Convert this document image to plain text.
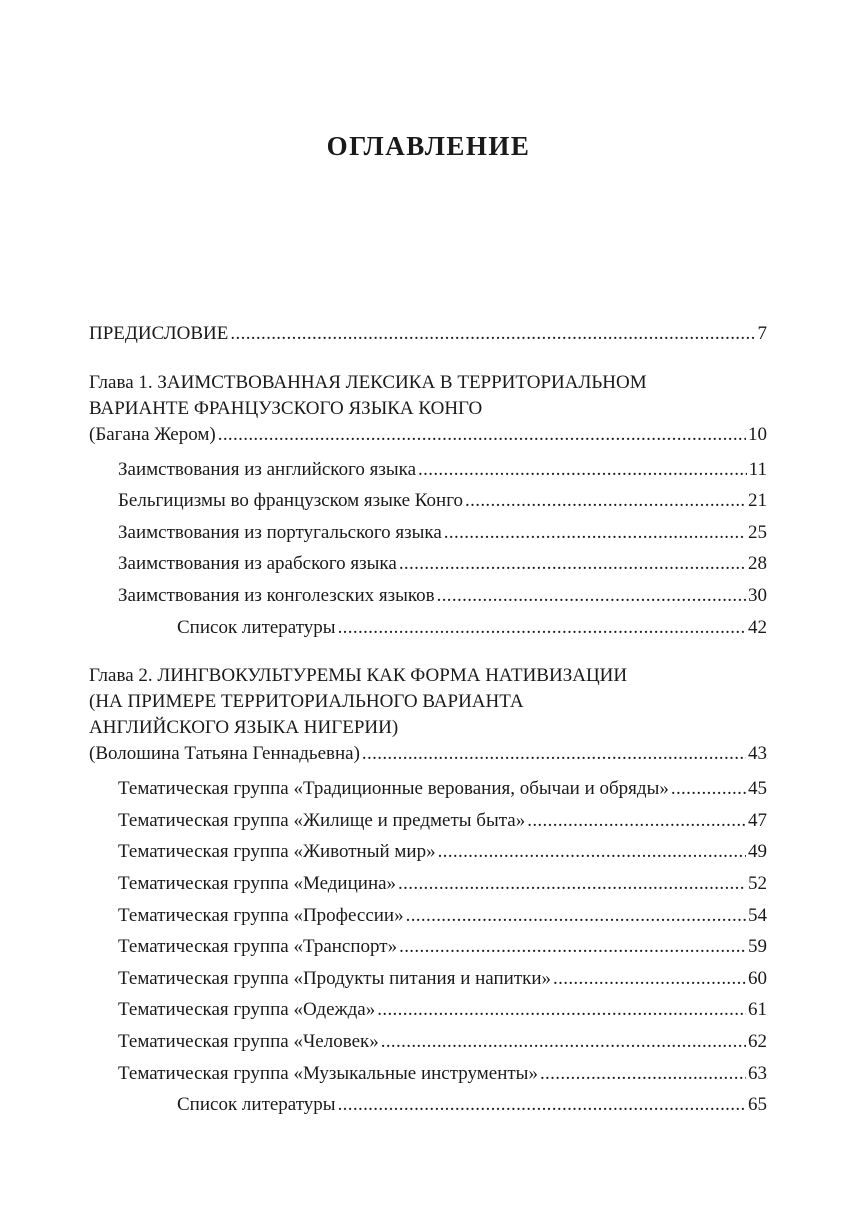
ОГЛАВЛЕНИЕ
ПРЕДИСЛОВИЕ . . .	7
Глава 1. ЗАИМСТВОВАННАЯ ЛЕКСИКА В ТЕРРИТОРИАЛЬНОМ
ВАРИАНТЕ ФРАНЦУЗСКОГО ЯЗЫКА КОНГО
(Багана Жером) . . .	10
Заимствования из английского языка . . .	11
Бельгицизмы во французском языке Конго . . .	21
Заимствования из португальского языка . . .	25
Заимствования из арабского языка . . .	28
Заимствования из конголезских языков . . .	30
Список литературы . . .	42
Глава 2. ЛИНГВОКУЛЬТУРЕМЫ КАК ФОРМА НАТИВИЗАЦИИ
(НА ПРИМЕРЕ ТЕРРИТОРИАЛЬНОГО ВАРИАНТА
АНГЛИЙСКОГО ЯЗЫКА НИГЕРИИ)
(Волошина Татьяна Геннадьевна) . . .	43
Тематическая группа «Традиционные верования, обычаи и обряды» . . .	45
Тематическая группа «Жилище и предметы быта» . . .	47
Тематическая группа «Животный мир» . . .	49
Тематическая группа «Медицина» . . .	52
Тематическая группа «Профессии» . . .	54
Тематическая группа «Транспорт» . . .	59
Тематическая группа «Продукты питания и напитки» . . .	60
Тематическая группа «Одежда» . . .	61
Тематическая группа «Человек» . . .	62
Тематическая группа «Музыкальные инструменты» . . .	63
Список литературы . . .	65
